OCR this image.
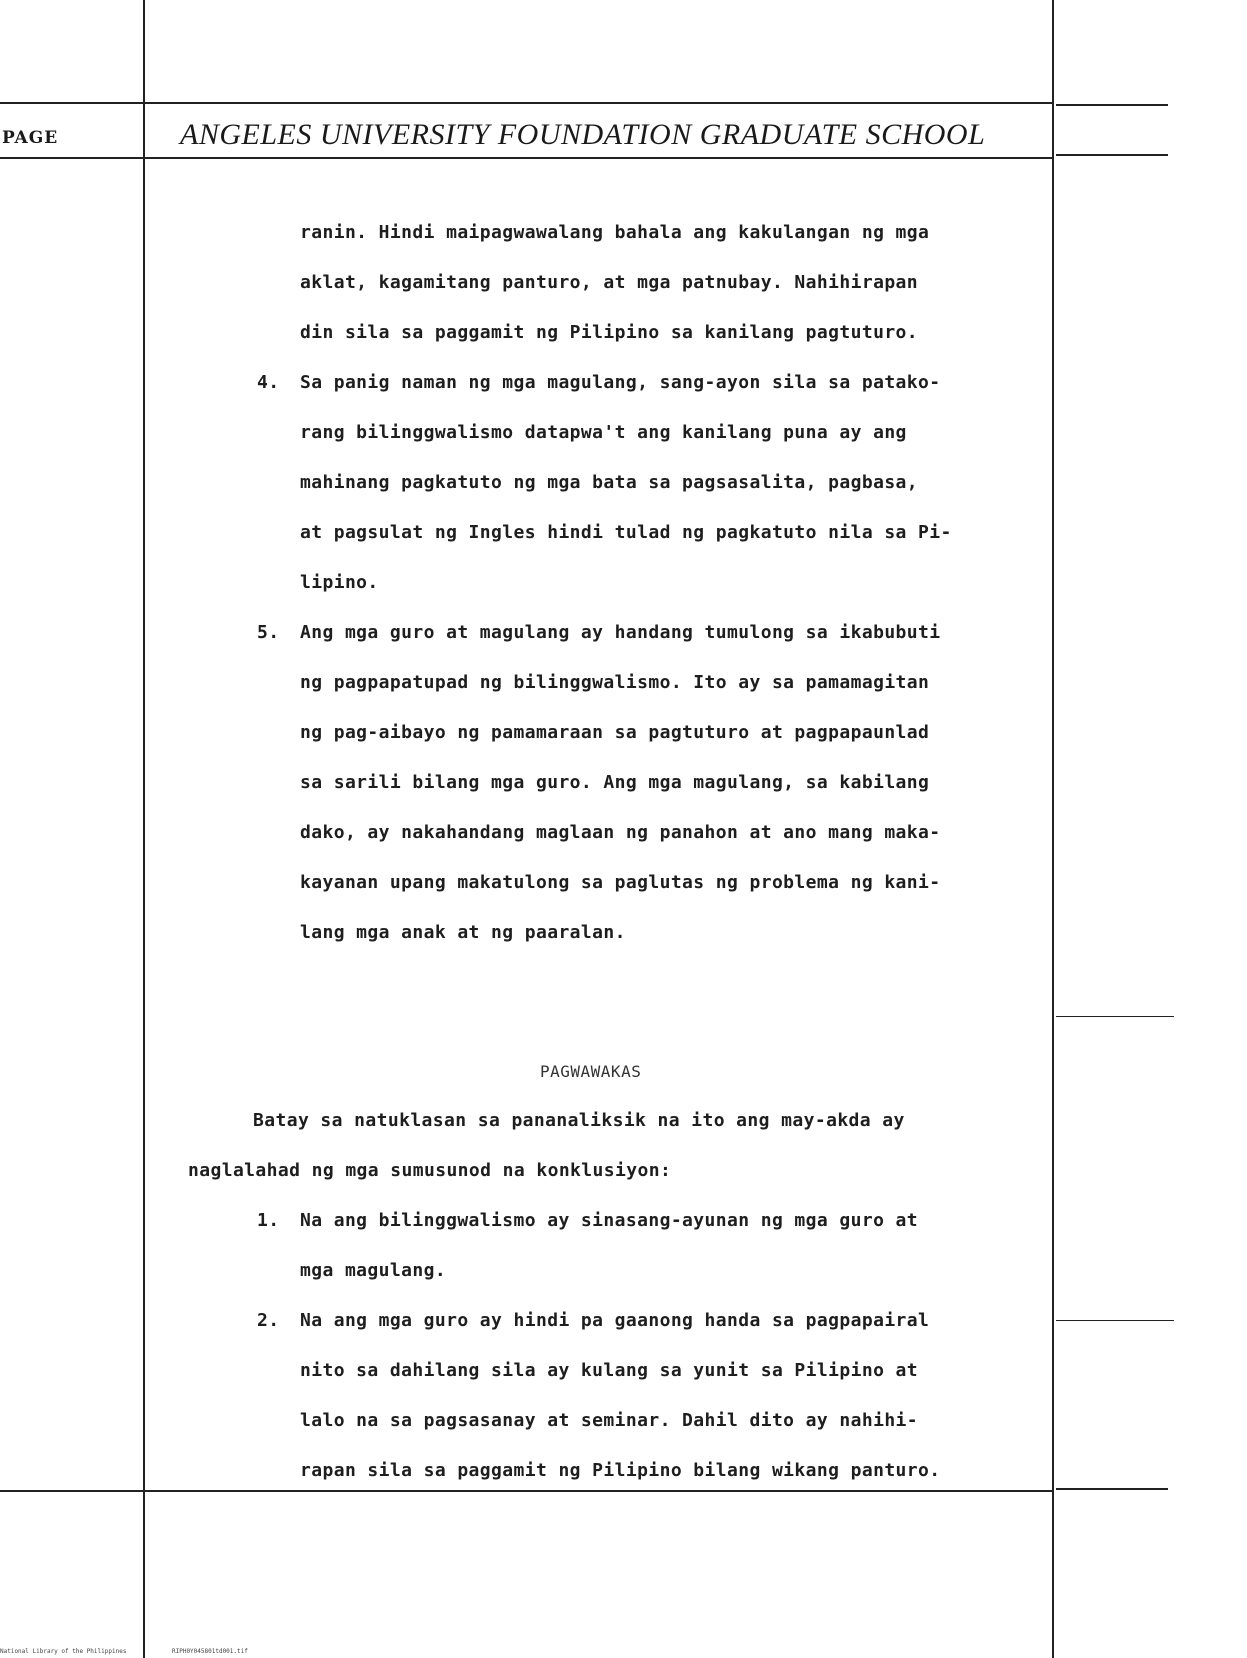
PAGE	ANGELES UNIVERSITY FOUNDATION GRADUATE SCHOOL
ranin. Hindi maipagwawalang bahala ang kakulangan ng mga
aklat, kagamitang panturo, at mga patnubay. Nahihirapan
din sila sa paggamit ng Pilipino sa kanilang pagtuturo.
4. Sa panig naman ng mga magulang, sang-ayon sila sa patako-
rang bilinggwalismo datapwa't ang kanilang puna ay ang
mahinang pagkatuto ng mga bata sa pagsasalita, pagbasa,
at pagsulat ng Ingles hindi tulad ng pagkatuto nila sa Pi-
lipino.
5. Ang mga guro at magulang ay handang tumulong sa ikabubuti
ng pagpapatupad ng bilinggwalismo. Ito ay sa pamamagitan
ng pag-aibayo ng pamamaraan sa pagtuturo at pagpapaunlad
sa sarili bilang mga guro. Ang mga magulang, sa kabilang
dako, ay nakahandang maglaan ng panahon at ano mang maka-
kayanan upang makatulong sa paglutas ng problema ng kani-
lang mga anak at ng paaralan.
PAGWAWAKAS
Batay sa natuklasan sa pananaliksik na ito ang may-akda ay
naglalahad ng mga sumusunod na konklusiyon:
1. Na ang bilinggwalismo ay sinasang-ayunan ng mga guro at
mga magulang.
2. Na ang mga guro ay hindi pa gaanong handa sa pagpapairal
nito sa dahilang sila ay kulang sa yunit sa Pilipino at
lalo na sa pagsasanay at seminar. Dahil dito ay nahihi-
rapan sila sa paggamit ng Pilipino bilang wikang panturo.
National Library of the Philippines	RIPH0Y045801td001.tif
